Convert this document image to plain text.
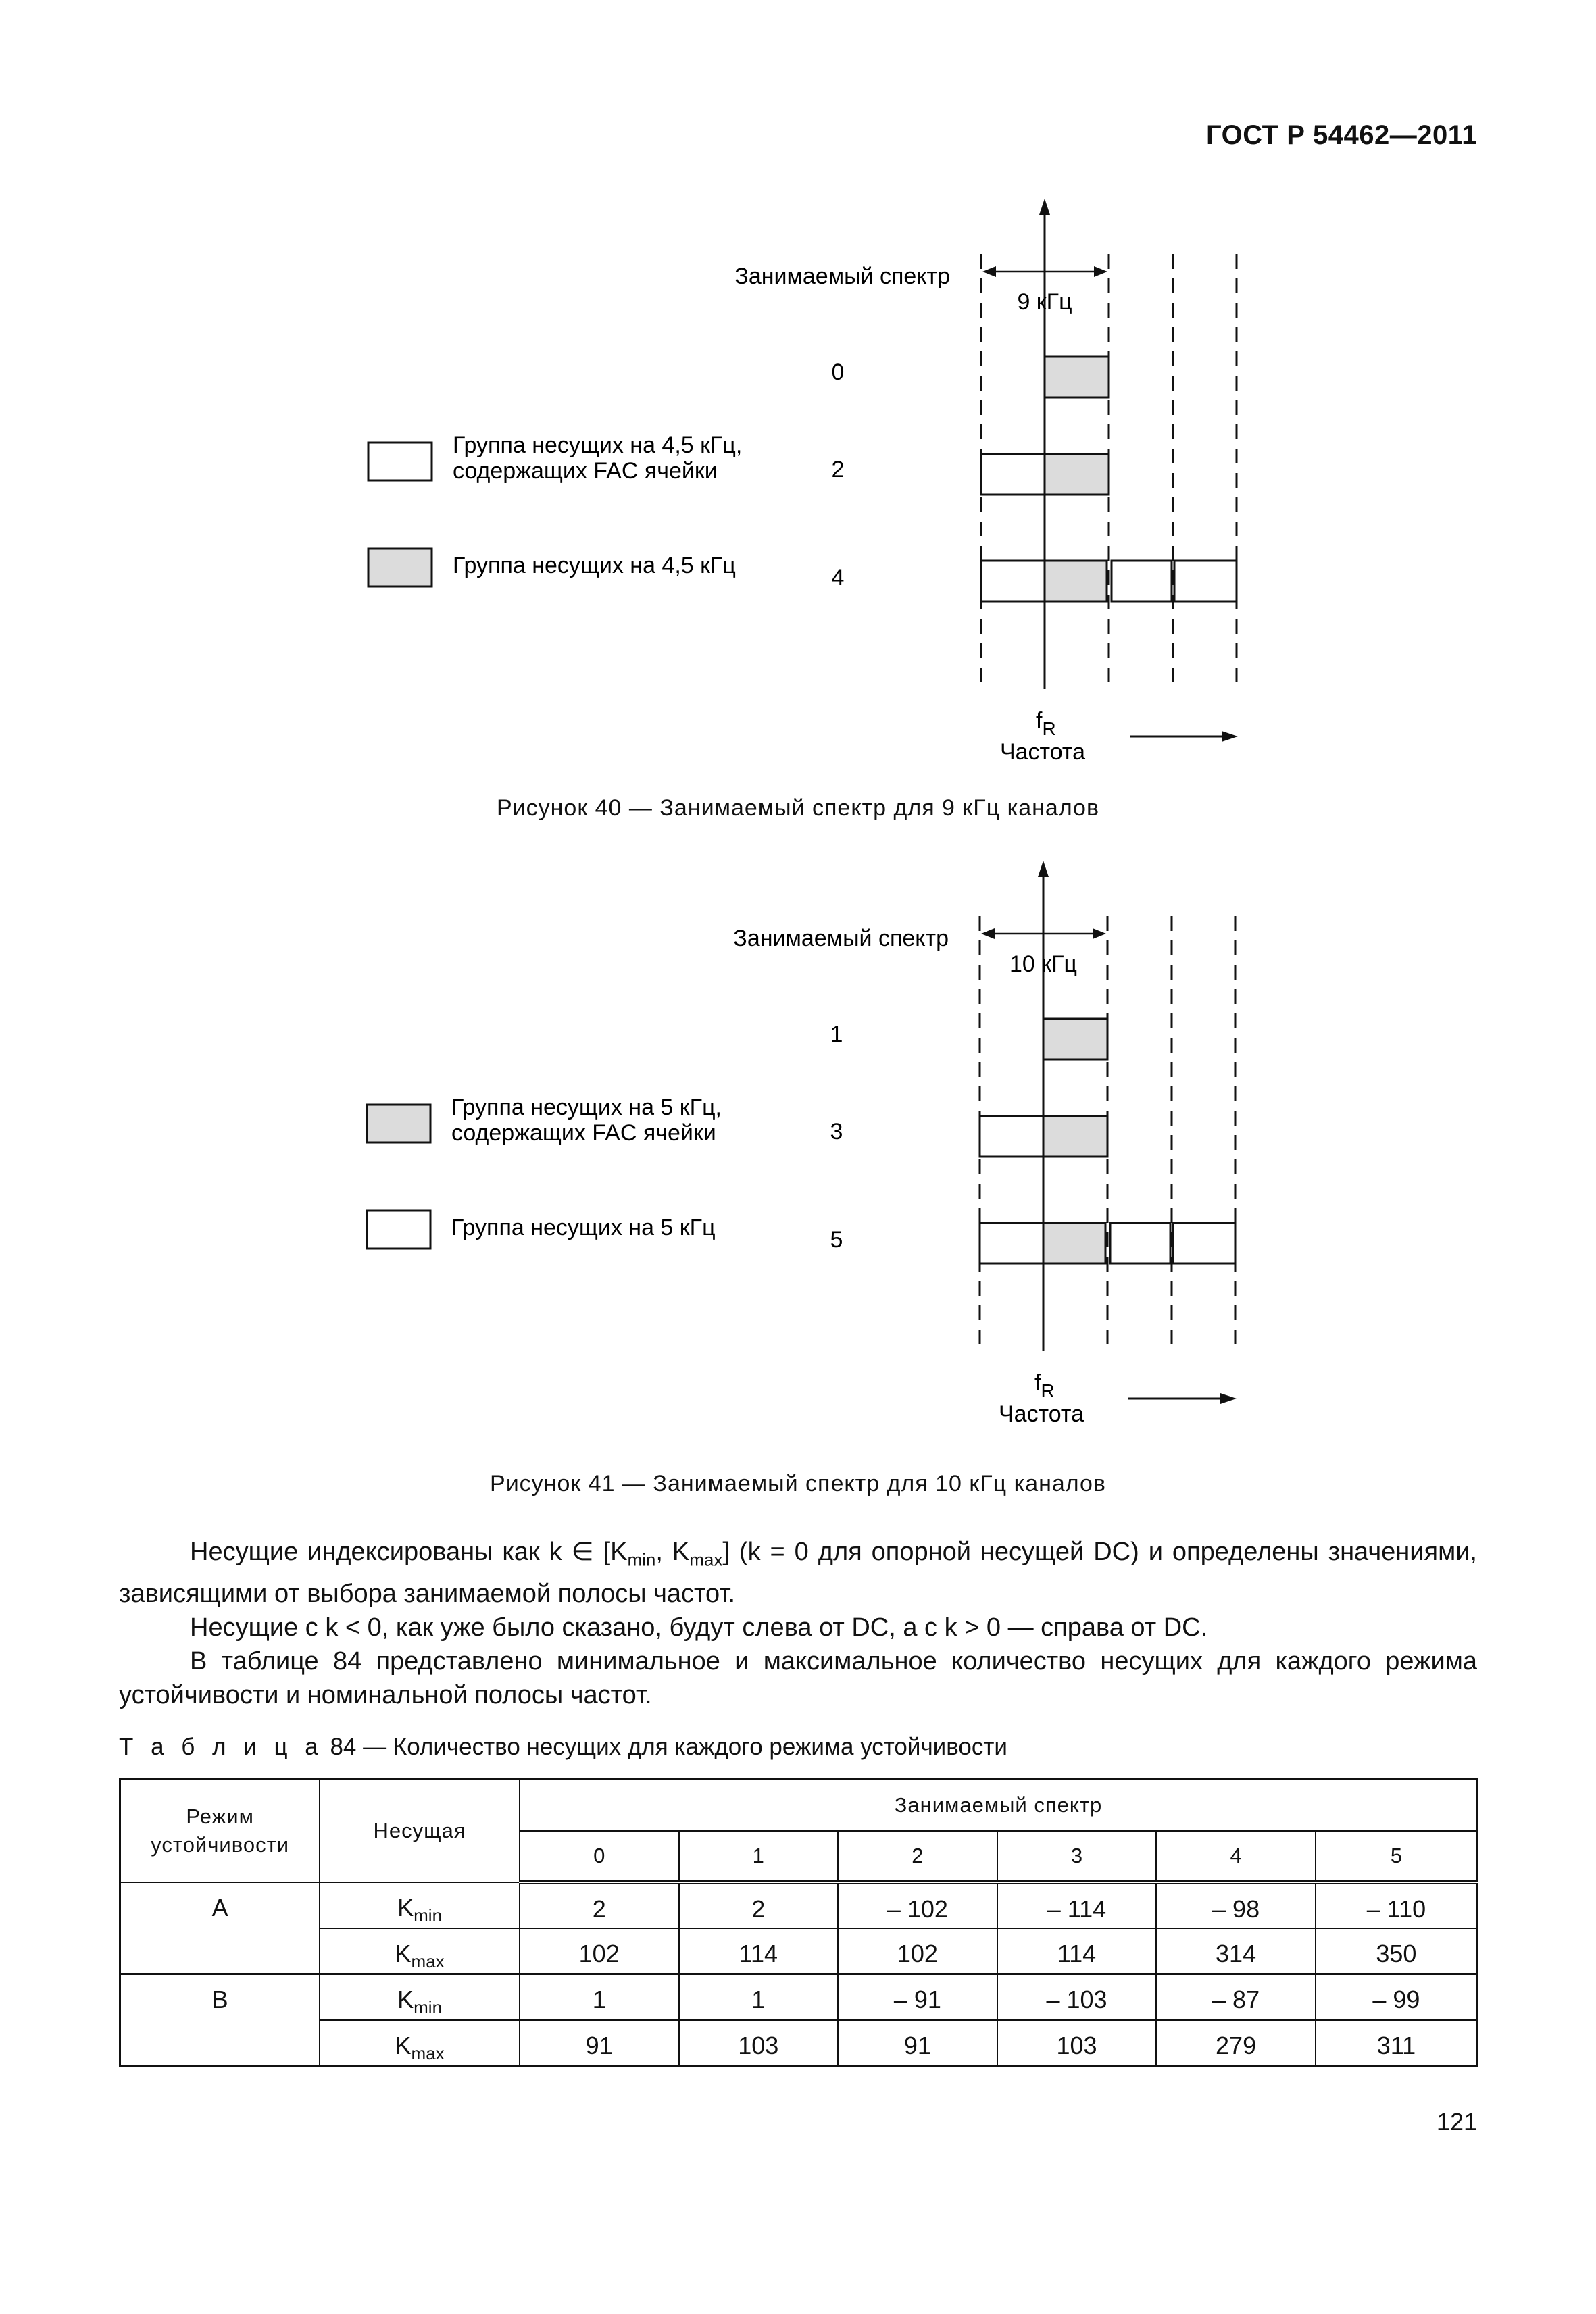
ГОСТ Р 54462—2011
9 кГц
Занимаемый спектр
0
2
4
Группа несущих на 4,5 кГц, содержащих FAC ячейки
Группа несущих на 4,5 кГц
$f_R$
Частота
Рисунок 40 — Занимаемый спектр для 9 кГц каналов
10 кГц
Занимаемый спектр
1
3
5
Группа несущих на 5 кГц, содержащих FAC ячейки
Группа несущих на 5 кГц
$f_R$
Частота
Рисунок 41 — Занимаемый спектр для 10 кГц каналов

Несущие индексированы как k ∈ [$K_{min}$, $K_{max}$] (k = 0 для опорной несущей DC) и определены значениями, зависящими от выбора занимаемой полосы частот.

Несущие с k < 0, как уже было сказано, будут слева от DC, а с k > 0 — справа от DC.

В таблице 84 представлено минимальное и максимальное количество несущих для каждого режима устойчивости и номинальной полосы частот.

Т а б л и ц а 84 — Количество несущих для каждого режима устойчивости
Режим
устойчивости	Несущая	Занимаемый спектр					
		0	1	2	3	4	5
A	$K_{min}$	2	2	– 102	– 114	– 98	– 110
	$K_{max}$	102	114	102	114	314	350
B	$K_{min}$	1	1	– 91	– 103	– 87	– 99
	$K_{max}$	91	103	91	103	279	311
121
